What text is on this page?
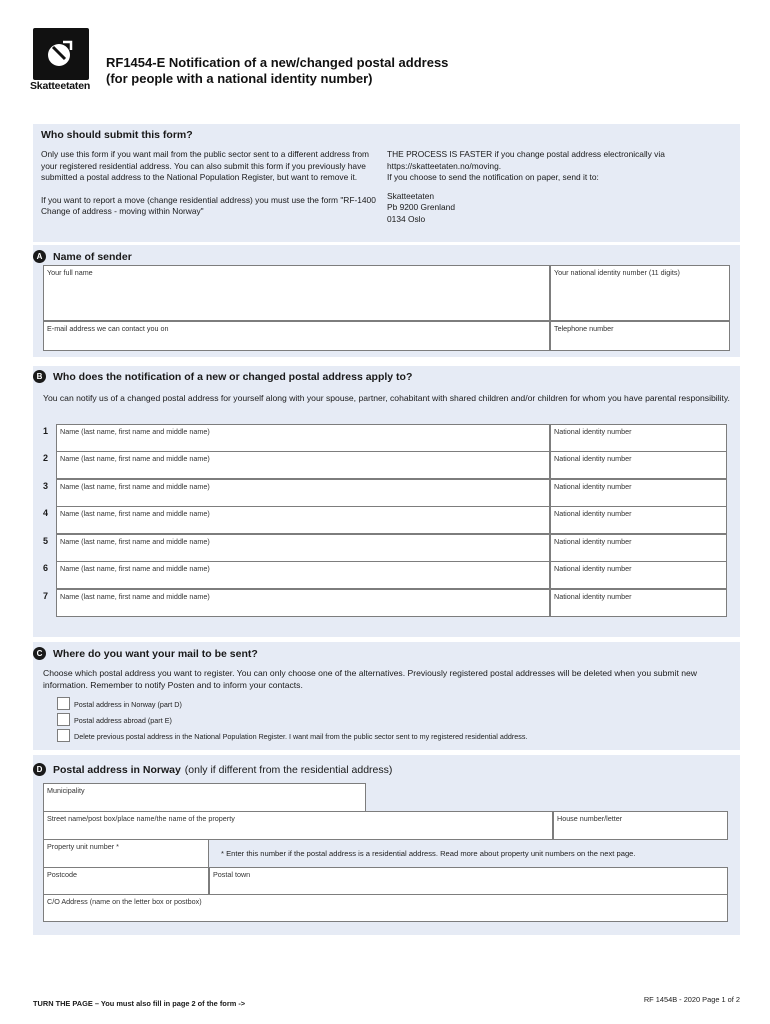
Skatteetaten
RF1454-E Notification of a new/changed postal address
(for people with a national identity number)
Who should submit this form?

Only use this form if you want mail from the public sector sent to a different address from your registered residential address. You can also submit this form if you previously have submitted a postal address to the National Population Register, but want to remove it.

If you want to report a move (change residential address) you must use the form "RF-1400 Change of address - moving within Norway"

THE PROCESS IS FASTER if you change postal address electronically via https://skatteetaten.no/moving.

If you choose to send the notification on paper, send it to:

Skatteetaten
Pb 9200 Grenland
0134 Oslo
A	Name of sender
Your full name	Your national identity number (11 digits)
E-mail address we can contact you on	Telephone number
B	Who does the notification of a new or changed postal address apply to?
You can notify us of a changed postal address for yourself along with your spouse, partner, cohabitant with shared children and/or children for whom you have parental responsibility.
1	Name (last name, first name and middle name)	National identity number
2	Name (last name, first name and middle name)	National identity number
3	Name (last name, first name and middle name)	National identity number
4	Name (last name, first name and middle name)	National identity number
5	Name (last name, first name and middle name)	National identity number
6	Name (last name, first name and middle name)	National identity number
7	Name (last name, first name and middle name)	National identity number
C	Where do you want your mail to be sent?
Choose which postal address you want to register. You can only choose one of the alternatives. Previously registered postal addresses will be deleted when you submit new information. Remember to notify Posten and to inform your contacts.
Postal address in Norway (part D)
Postal address abroad (part E)
Delete previous postal address in the National Population Register. I want mail from the public sector sent to my registered residential address.
D	Postal address in Norway (only if different from the residential address)
Municipality
Street name/post box/place name/the name of the property	House number/letter
Property unit number *
* Enter this number if the postal address is a residential address. Read more about property unit numbers on the next page.
Postcode	Postal town
C/O Address (name on the letter box or postbox)
TURN THE PAGE – You must also fill in page 2 of the form ->	RF 1454B - 2020 Page 1 of 2
